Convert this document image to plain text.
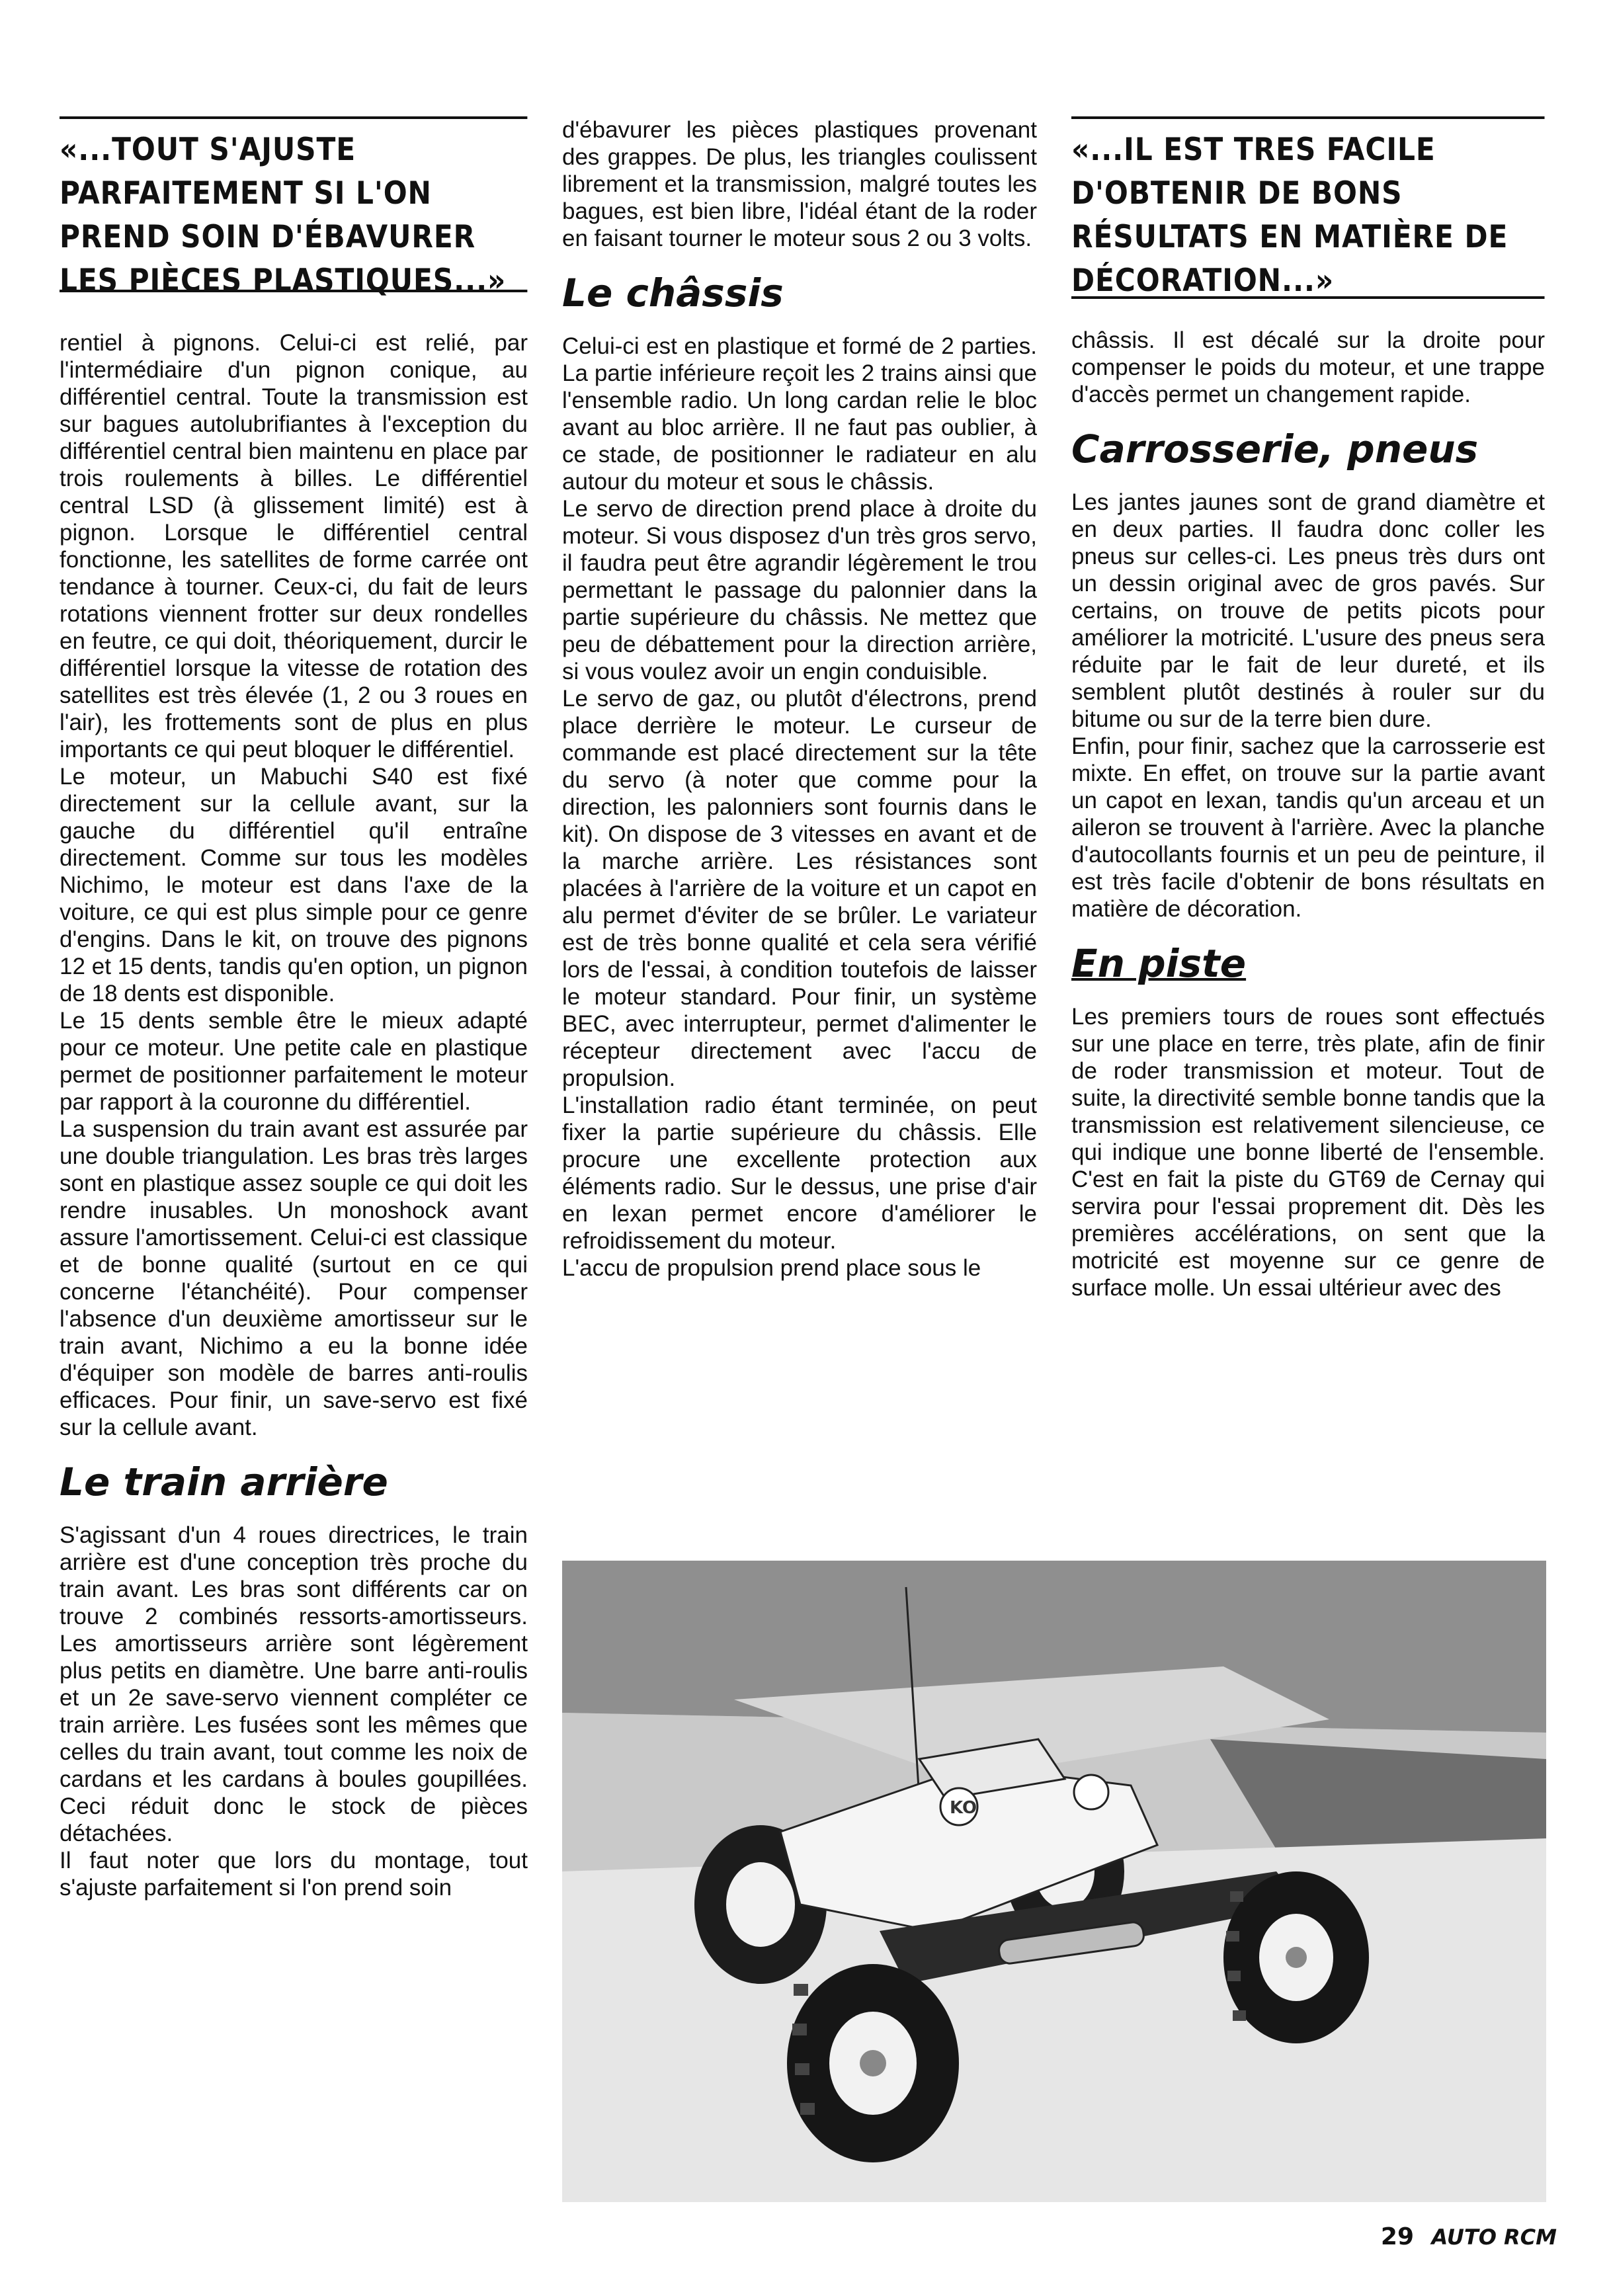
«...TOUT S'AJUSTE PARFAITEMENT SI L'ON PREND SOIN D'ÉBAVURER LES PIÈCES PLASTIQUES...»

rentiel à pignons. Celui-ci est relié, par l'intermédiaire d'un pignon conique, au différentiel central. Toute la transmission est sur bagues autolubrifiantes à l'exception du différentiel central bien maintenu en place par trois roulements à billes. Le différentiel central LSD (à glissement limité) est à pignon. Lorsque le différentiel central fonctionne, les satellites de forme carrée ont tendance à tourner. Ceux-ci, du fait de leurs rotations viennent frotter sur deux rondelles en feutre, ce qui doit, théoriquement, durcir le différentiel lorsque la vitesse de rotation des satellites est très élevée (1, 2 ou 3 roues en l'air), les frottements sont de plus en plus importants ce qui peut bloquer le différentiel.

Le moteur, un Mabuchi S40 est fixé directement sur la cellule avant, sur la gauche du différentiel qu'il entraîne directement. Comme sur tous les modèles Nichimo, le moteur est dans l'axe de la voiture, ce qui est plus simple pour ce genre d'engins. Dans le kit, on trouve des pignons 12 et 15 dents, tandis qu'en option, un pignon de 18 dents est disponible.

Le 15 dents semble être le mieux adapté pour ce moteur. Une petite cale en plastique permet de positionner parfaitement le moteur par rapport à la couronne du différentiel.

La suspension du train avant est assurée par une double triangulation. Les bras très larges sont en plastique assez souple ce qui doit les rendre inusables. Un monoshock avant assure l'amortissement. Celui-ci est classique et de bonne qualité (surtout en ce qui concerne l'étanchéité). Pour compenser l'absence d'un deuxième amortisseur sur le train avant, Nichimo a eu la bonne idée d'équiper son modèle de barres anti-roulis efficaces. Pour finir, un save-servo est fixé sur la cellule avant.

Le train arrière

S'agissant d'un 4 roues directrices, le train arrière est d'une conception très proche du train avant. Les bras sont différents car on trouve 2 combinés ressorts-amortisseurs. Les amortisseurs arrière sont légèrement plus petits en diamètre. Une barre anti-roulis et un 2e save-servo viennent compléter ce train arrière. Les fusées sont les mêmes que celles du train avant, tout comme les noix de cardans et les cardans à boules goupillées. Ceci réduit donc le stock de pièces détachées.

Il faut noter que lors du montage, tout s'ajuste parfaitement si l'on prend soin

d'ébavurer les pièces plastiques provenant des grappes. De plus, les triangles coulissent librement et la transmission, malgré toutes les bagues, est bien libre, l'idéal étant de la roder en faisant tourner le moteur sous 2 ou 3 volts.

Le châssis

Celui-ci est en plastique et formé de 2 parties. La partie inférieure reçoit les 2 trains ainsi que l'ensemble radio. Un long cardan relie le bloc avant au bloc arrière. Il ne faut pas oublier, à ce stade, de positionner le radiateur en alu autour du moteur et sous le châssis.

Le servo de direction prend place à droite du moteur. Si vous disposez d'un très gros servo, il faudra peut être agrandir légèrement le trou permettant le passage du palonnier dans la partie supérieure du châssis. Ne mettez que peu de débattement pour la direction arrière, si vous voulez avoir un engin conduisible.

Le servo de gaz, ou plutôt d'électrons, prend place derrière le moteur. Le curseur de commande est placé directement sur la tête du servo (à noter que comme pour la direction, les palonniers sont fournis dans le kit). On dispose de 3 vitesses en avant et de la marche arrière. Les résistances sont placées à l'arrière de la voiture et un capot en alu permet d'éviter de se brûler. Le variateur est de très bonne qualité et cela sera vérifié lors de l'essai, à condition toutefois de laisser le moteur standard. Pour finir, un système BEC, avec interrupteur, permet d'alimenter le récepteur directement avec l'accu de propulsion.

L'installation radio étant terminée, on peut fixer la partie supérieure du châssis. Elle procure une excellente protection aux éléments radio. Sur le dessus, une prise d'air en lexan permet encore d'améliorer le refroidissement du moteur.

L'accu de propulsion prend place sous le

«...IL EST TRES FACILE D'OBTENIR DE BONS RÉSULTATS EN MATIÈRE DE DÉCORATION...»

châssis. Il est décalé sur la droite pour compenser le poids du moteur, et une trappe d'accès permet un changement rapide.

Carrosserie, pneus

Les jantes jaunes sont de grand diamètre et en deux parties. Il faudra donc coller les pneus sur celles-ci. Les pneus très durs ont un dessin original avec de gros pavés. Sur certains, on trouve de petits picots pour améliorer la motricité. L'usure des pneus sera réduite par le fait de leur dureté, et ils semblent plutôt destinés à rouler sur du bitume ou sur de la terre bien dure.

Enfin, pour finir, sachez que la carrosserie est mixte. En effet, on trouve sur la partie avant un capot en lexan, tandis qu'un arceau et un aileron se trouvent à l'arrière. Avec la planche d'autocollants fournis et un peu de peinture, il est très facile d'obtenir de bons résultats en matière de décoration.

En piste

Les premiers tours de roues sont effectués sur une place en terre, très plate, afin de finir de roder transmission et moteur. Tout de suite, la directivité semble bonne tandis que la transmission est relativement silencieuse, ce qui indique une bonne liberté de l'ensemble. C'est en fait la piste du GT69 de Cernay qui servira pour l'essai proprement dit. Dès les premières accélérations, on sent que la motricité est moyenne sur ce genre de surface molle. Un essai ultérieur avec des

KO
29 AUTO RCM
